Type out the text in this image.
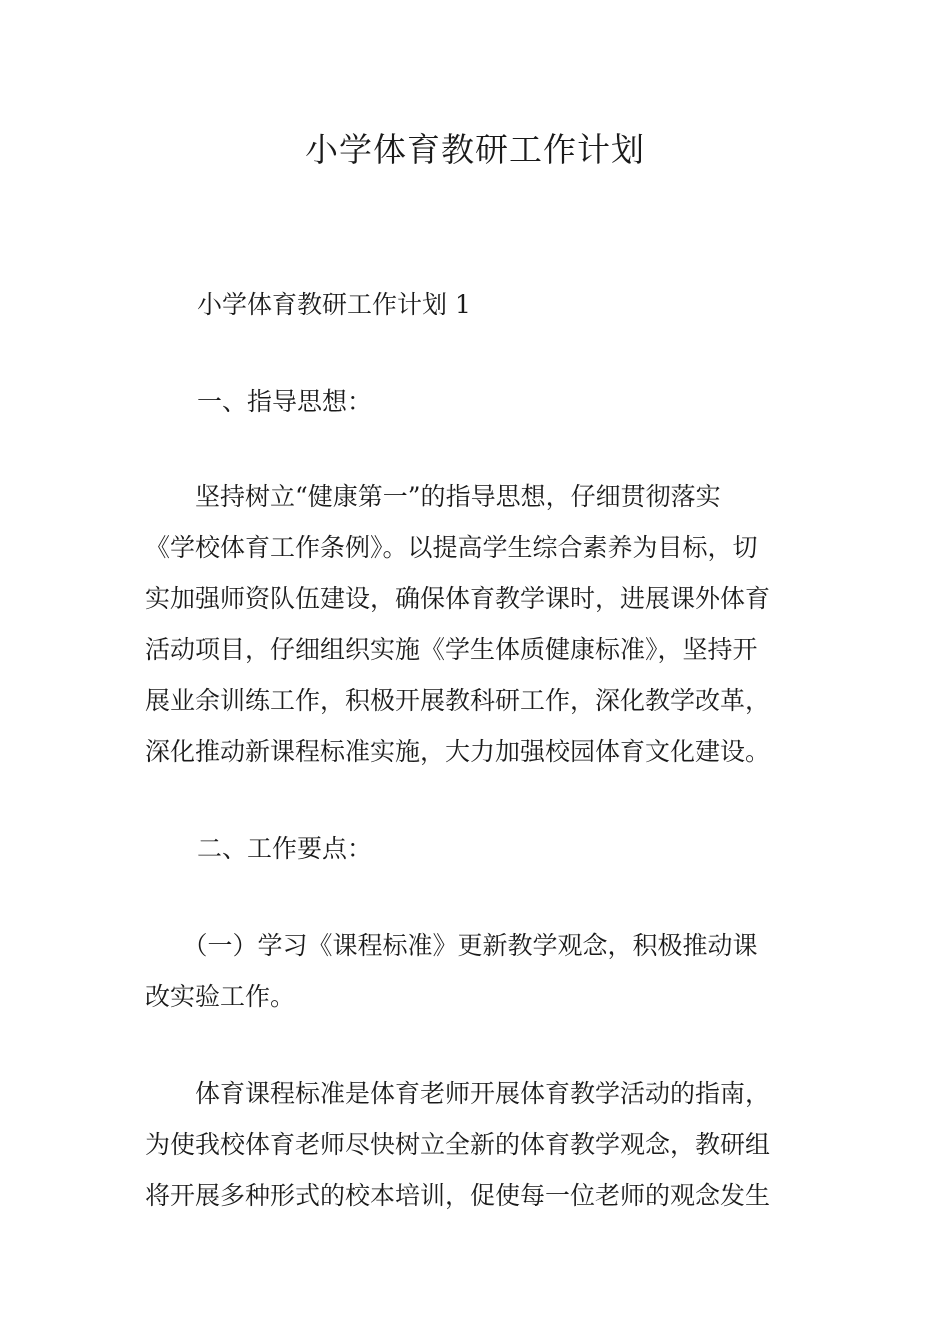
小学体育教研工作计划

小学体育教研工作计划 1

一、指导思想：

　　坚持树立“健康第一”的指导思想，仔细贯彻落实
《学校体育工作条例》。以提高学生综合素养为目标，切
实加强师资队伍建设，确保体育教学课时，进展课外体育
活动项目，仔细组织实施《学生体质健康标准》，坚持开
展业余训练工作，积极开展教科研工作，深化教学改革，
深化推动新课程标准实施，大力加强校园体育文化建设。

二、工作要点：

　　（一）学习《课程标准》更新教学观念，积极推动课
改实验工作。

　　体育课程标准是体育老师开展体育教学活动的指南，
为使我校体育老师尽快树立全新的体育教学观念，教研组
将开展多种形式的校本培训，促使每一位老师的观念发生
